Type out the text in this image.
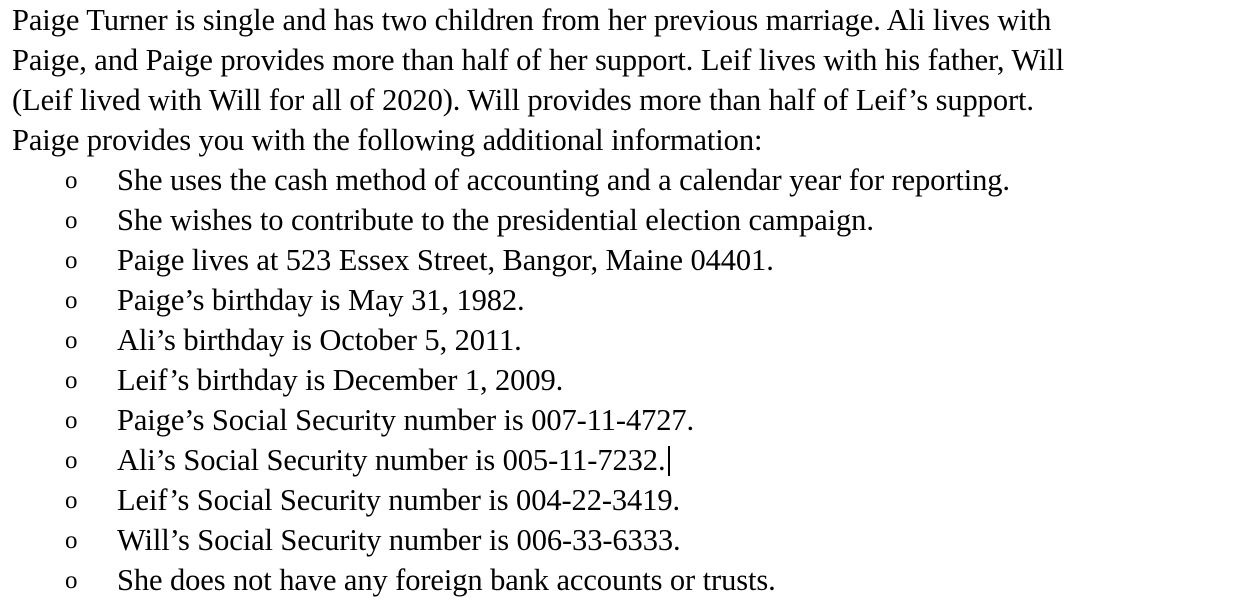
Paige Turner is single and has two children from her previous marriage. Ali lives with
Paige, and Paige provides more than half of her support. Leif lives with his father, Will
(Leif lived with Will for all of 2020). Will provides more than half of Leif’s support.
Paige provides you with the following additional information:

o She uses the cash method of accounting and a calendar year for reporting.
o She wishes to contribute to the presidential election campaign.
o Paige lives at 523 Essex Street, Bangor, Maine 04401.
o Paige’s birthday is May 31, 1982.
o Ali’s birthday is October 5, 2011.
o Leif’s birthday is December 1, 2009.
o Paige’s Social Security number is 007-11-4727.
o Ali’s Social Security number is 005-11-7232.
o Leif’s Social Security number is 004-22-3419.
o Will’s Social Security number is 006-33-6333.
o She does not have any foreign bank accounts or trusts.
